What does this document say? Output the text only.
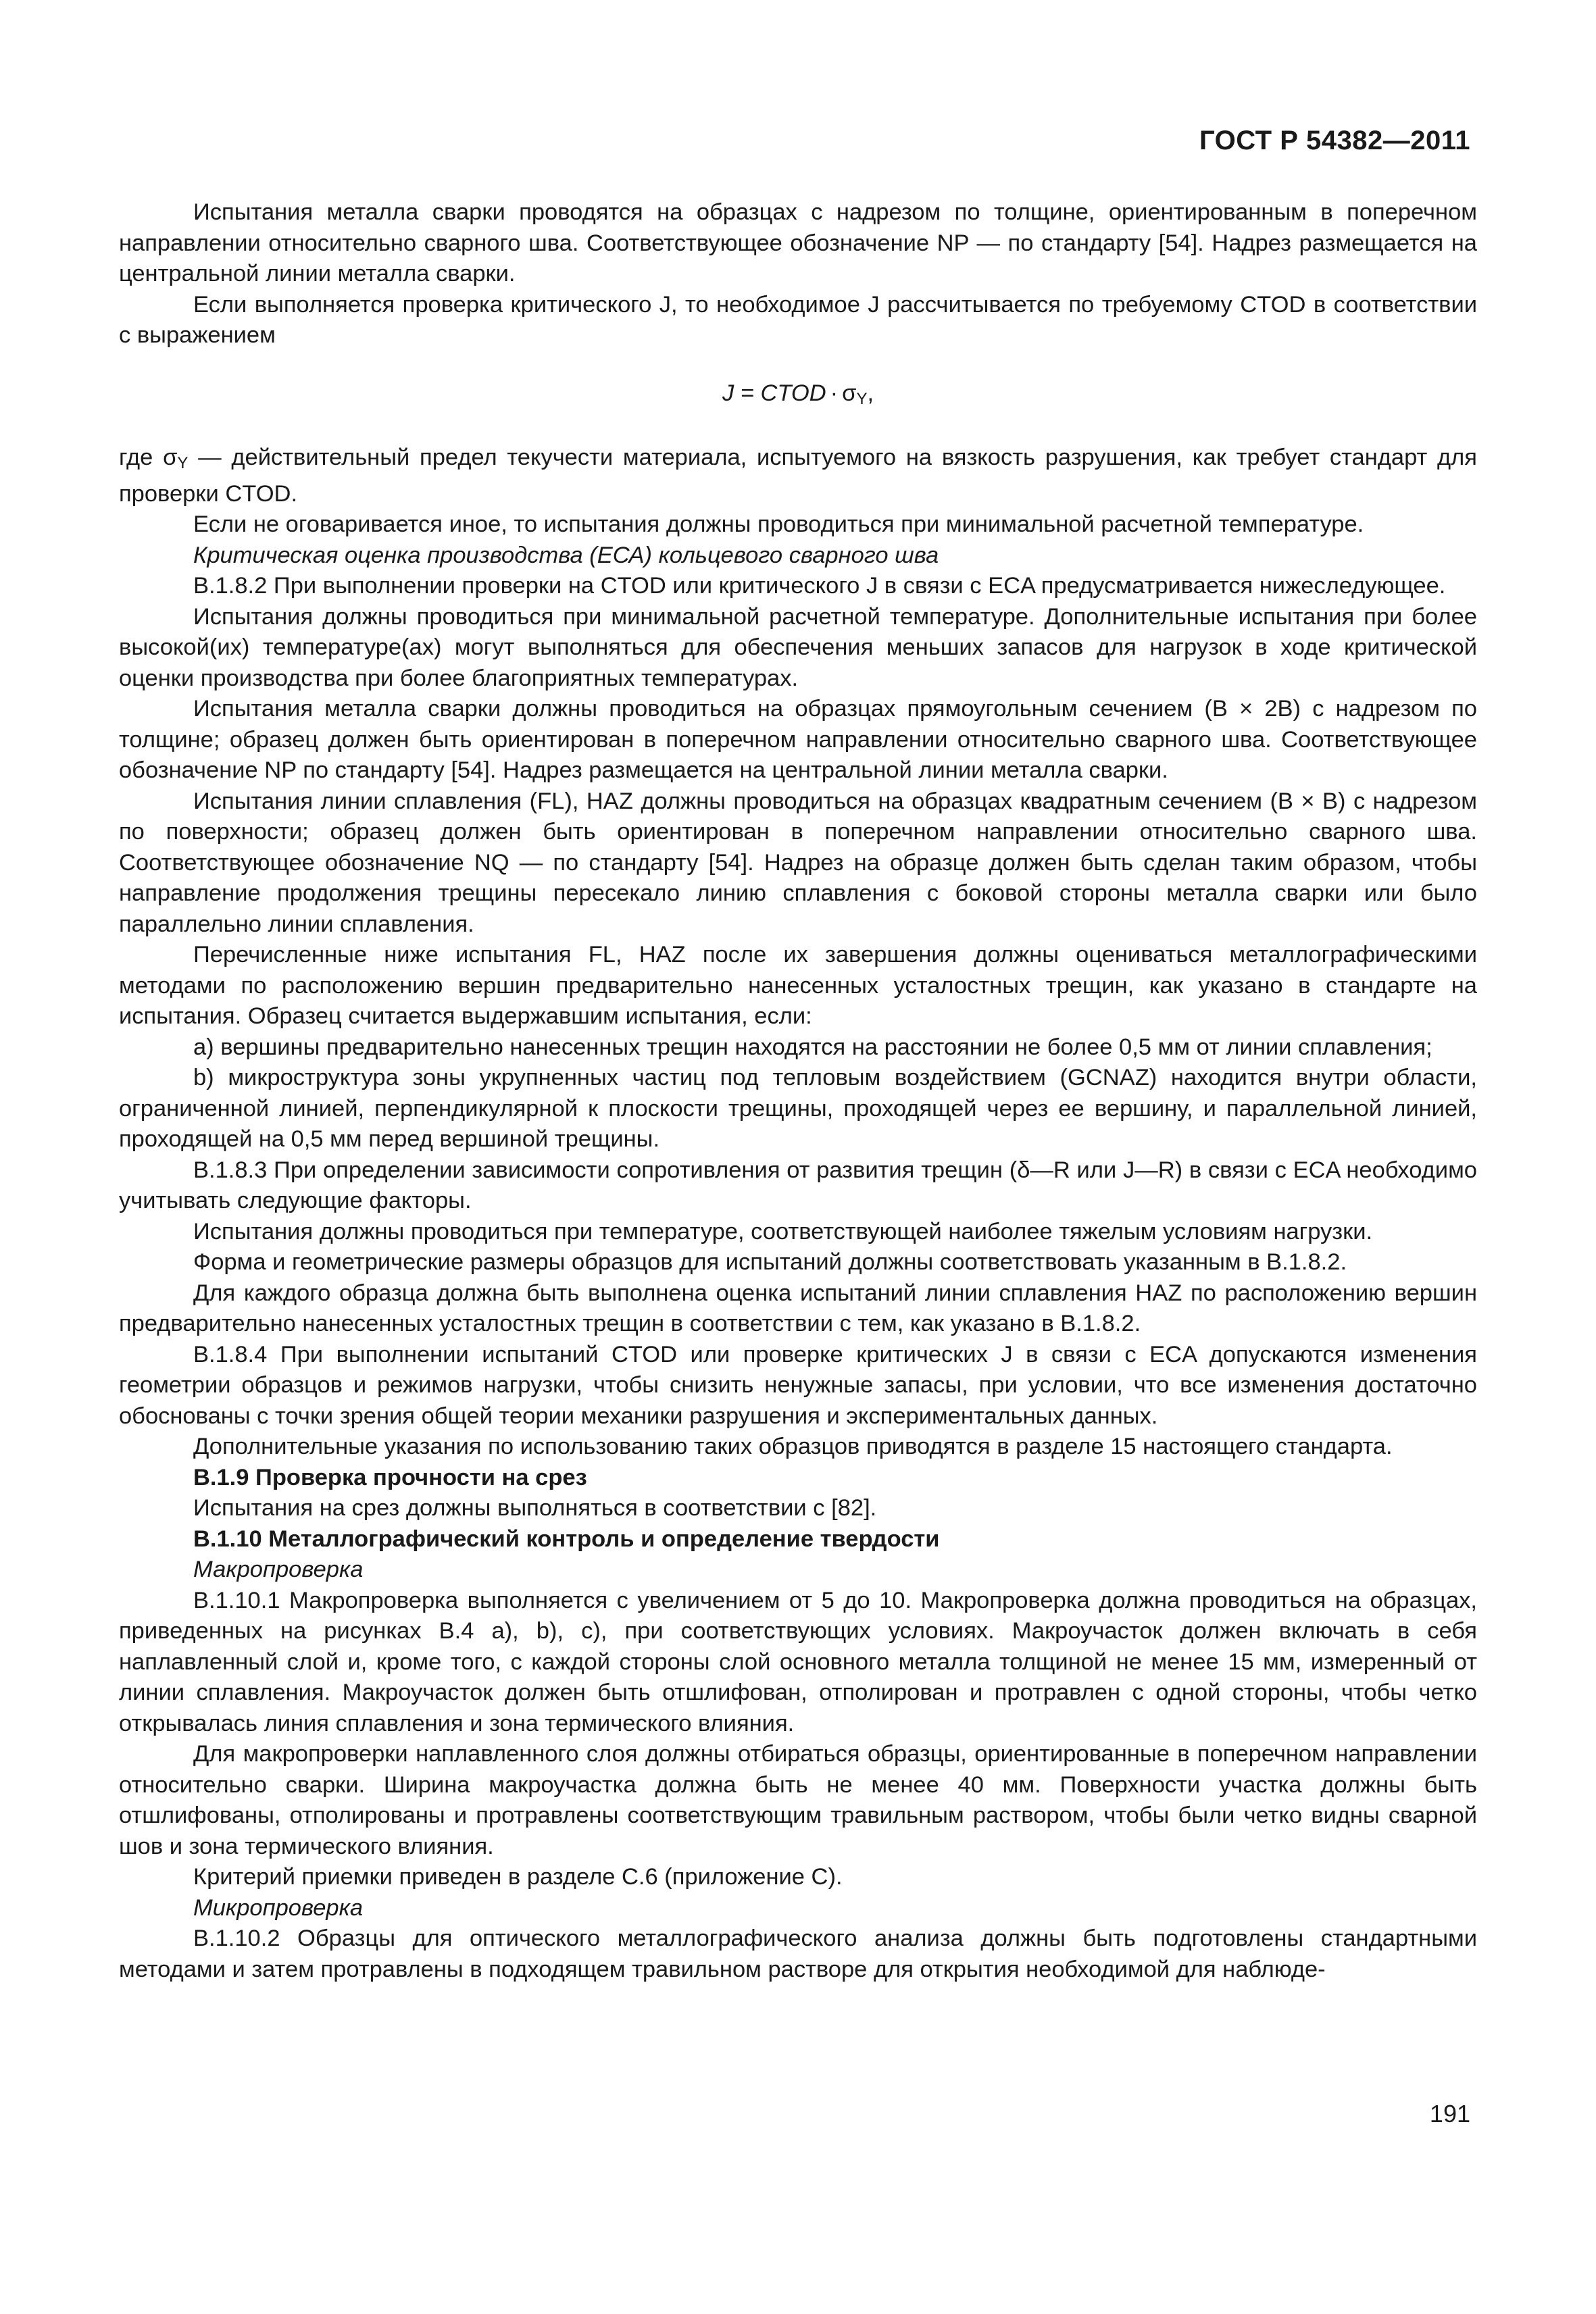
ГОСТ Р 54382—2011

Испытания металла сварки проводятся на образцах с надрезом по толщине, ориентированным в поперечном направлении относительно сварного шва. Соответствующее обозначение NP — по стандарту [54]. Надрез размещается на центральной линии металла сварки.

Если выполняется проверка критического J, то необходимое J рассчитывается по требуемому CTOD в соответствии с выражением

J = CTOD · $\sigma_Y$,

где $\sigma_Y$ — действительный предел текучести материала, испытуемого на вязкость разрушения, как требует стандарт для проверки CTOD.

Если не оговаривается иное, то испытания должны проводиться при минимальной расчетной температуре.

Критическая оценка производства (ЕСА) кольцевого сварного шва

В.1.8.2 При выполнении проверки на CTOD или критического J в связи с ECA предусматривается нижеследующее.

Испытания должны проводиться при минимальной расчетной температуре. Дополнительные испытания при более высокой(их) температуре(ах) могут выполняться для обеспечения меньших запасов для нагрузок в ходе критической оценки производства при более благоприятных температурах.

Испытания металла сварки должны проводиться на образцах прямоугольным сечением (В × 2В) с надрезом по толщине; образец должен быть ориентирован в поперечном направлении относительно сварного шва. Соответствующее обозначение NP по стандарту [54]. Надрез размещается на центральной линии металла сварки.

Испытания линии сплавления (FL), HAZ должны проводиться на образцах квадратным сечением (В × В) с надрезом по поверхности; образец должен быть ориентирован в поперечном направлении относительно сварного шва. Соответствующее обозначение NQ — по стандарту [54]. Надрез на образце должен быть сделан таким образом, чтобы направление продолжения трещины пересекало линию сплавления с боковой стороны металла сварки или было параллельно линии сплавления.

Перечисленные ниже испытания FL, HAZ после их завершения должны оцениваться металлографическими методами по расположению вершин предварительно нанесенных усталостных трещин, как указано в стандарте на испытания. Образец считается выдержавшим испытания, если:

a) вершины предварительно нанесенных трещин находятся на расстоянии не более 0,5 мм от линии сплавления;

b) микроструктура зоны укрупненных частиц под тепловым воздействием (GCNAZ) находится внутри области, ограниченной линией, перпендикулярной к плоскости трещины, проходящей через ее вершину, и параллельной линией, проходящей на 0,5 мм перед вершиной трещины.

В.1.8.3 При определении зависимости сопротивления от развития трещин (δ—R или J—R) в связи с ECA необходимо учитывать следующие факторы.

Испытания должны проводиться при температуре, соответствующей наиболее тяжелым условиям нагрузки.

Форма и геометрические размеры образцов для испытаний должны соответствовать указанным в В.1.8.2.

Для каждого образца должна быть выполнена оценка испытаний линии сплавления HAZ по расположению вершин предварительно нанесенных усталостных трещин в соответствии с тем, как указано в В.1.8.2.

В.1.8.4 При выполнении испытаний CTOD или проверке критических J в связи с ECA допускаются изменения геометрии образцов и режимов нагрузки, чтобы снизить ненужные запасы, при условии, что все изменения достаточно обоснованы с точки зрения общей теории механики разрушения и экспериментальных данных.

Дополнительные указания по использованию таких образцов приводятся в разделе 15 настоящего стандарта.

В.1.9 Проверка прочности на срез

Испытания на срез должны выполняться в соответствии с [82].

В.1.10 Металлографический контроль и определение твердости

Макропроверка

В.1.10.1 Макропроверка выполняется с увеличением от 5 до 10. Макропроверка должна проводиться на образцах, приведенных на рисунках В.4 а), b), c), при соответствующих условиях. Макроучасток должен включать в себя наплавленный слой и, кроме того, с каждой стороны слой основного металла толщиной не менее 15 мм, измеренный от линии сплавления. Макроучасток должен быть отшлифован, отполирован и протравлен с одной стороны, чтобы четко открывалась линия сплавления и зона термического влияния.

Для макропроверки наплавленного слоя должны отбираться образцы, ориентированные в поперечном направлении относительно сварки. Ширина макроучастка должна быть не менее 40 мм. Поверхности участка должны быть отшлифованы, отполированы и протравлены соответствующим травильным раствором, чтобы были четко видны сварной шов и зона термического влияния.

Критерий приемки приведен в разделе С.6 (приложение С).

Микропроверка

В.1.10.2 Образцы для оптического металлографического анализа должны быть подготовлены стандартными методами и затем протравлены в подходящем травильном растворе для открытия необходимой для наблюде-

191
